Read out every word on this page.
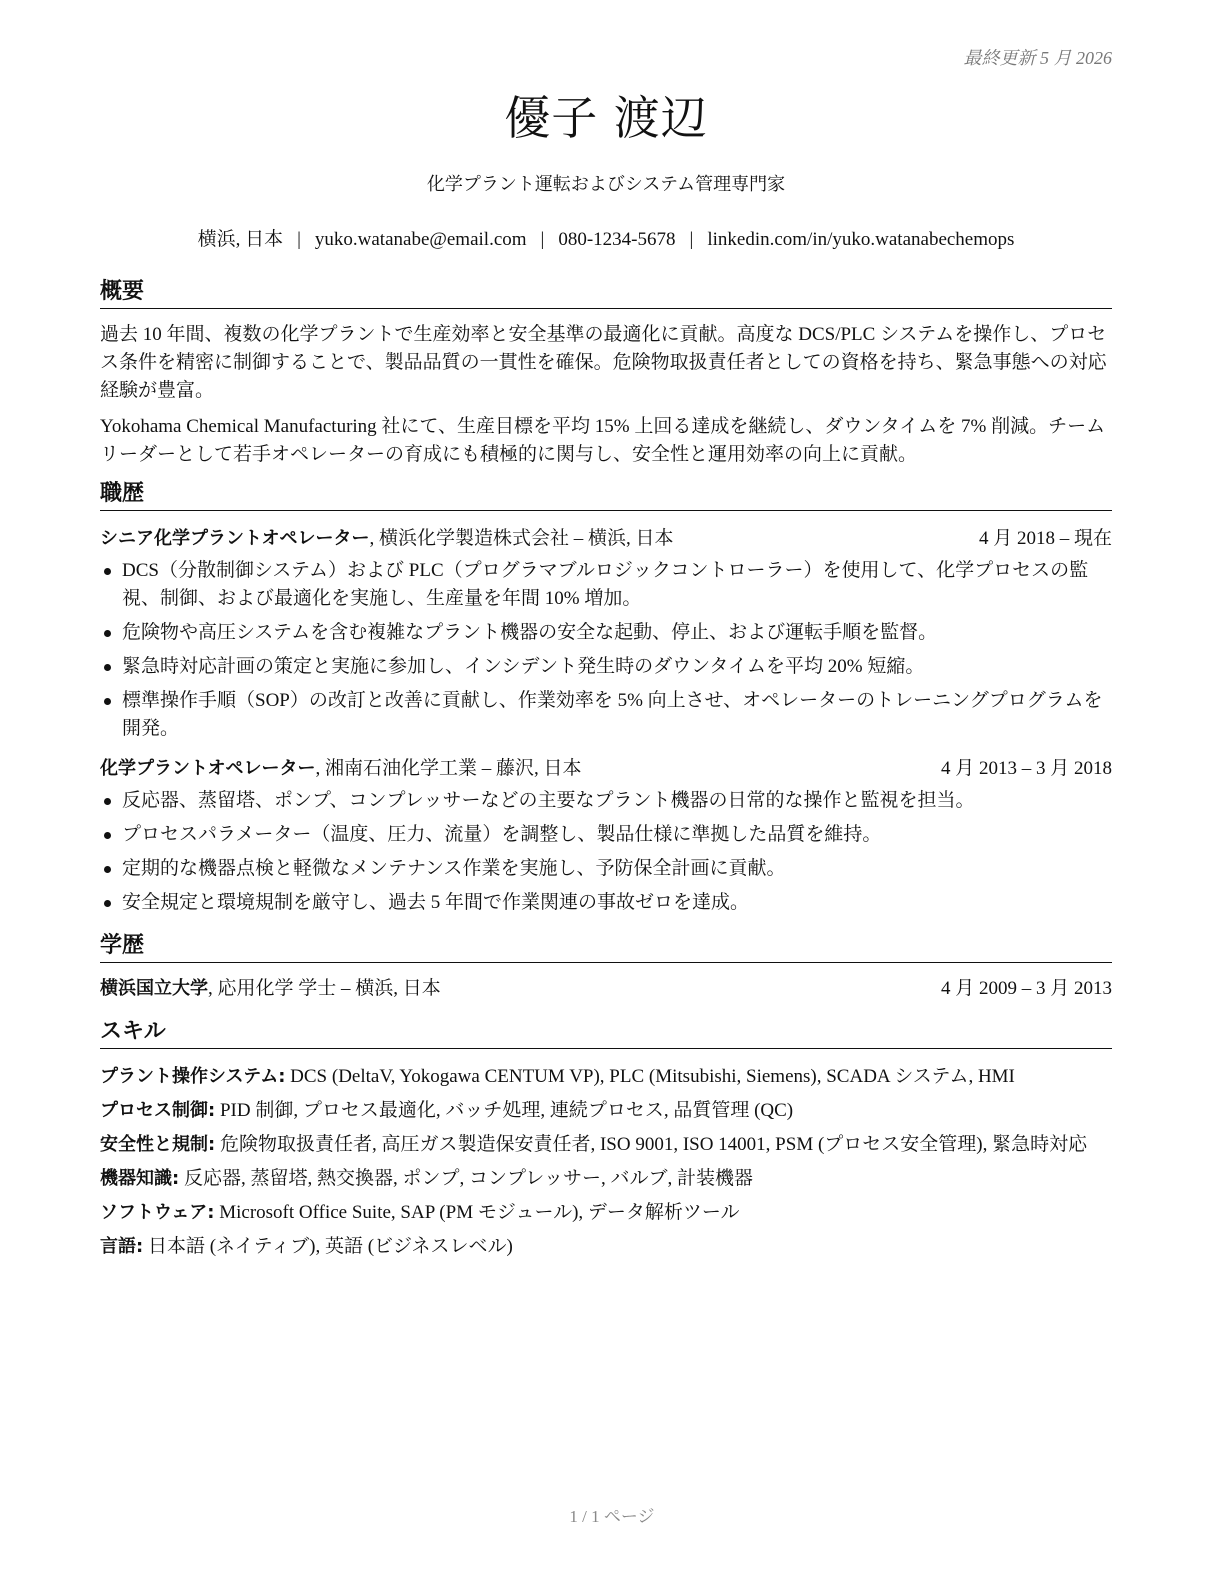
最終更新 5 月 2026
優子 渡辺
化学プラント運転およびシステム管理専門家
横浜, 日本 | yuko.watanabe@email.com | 080-1234-5678 | linkedin.com/in/yuko.watanabechemops
概要

過去 10 年間、複数の化学プラントで生産効率と安全基準の最適化に貢献。高度な DCS/PLC システムを操作し、プロセス条件を精密に制御することで、製品品質の一貫性を確保。危険物取扱責任者としての資格を持ち、緊急事態への対応経験が豊富。

Yokohama Chemical Manufacturing 社にて、生産目標を平均 15% 上回る達成を継続し、ダウンタイムを 7% 削減。チームリーダーとして若手オペレーターの育成にも積極的に関与し、安全性と運用効率の向上に貢献。

職歴
シニア化学プラントオペレーター, 横浜化学製造株式会社 – 横浜, 日本	4 月 2018 – 現在
DCS（分散制御システム）および PLC（プログラマブルロジックコントローラー）を使用して、化学プロセスの監視、制御、および最適化を実施し、生産量を年間 10% 増加。
危険物や高圧システムを含む複雑なプラント機器の安全な起動、停止、および運転手順を監督。
緊急時対応計画の策定と実施に参加し、インシデント発生時のダウンタイムを平均 20% 短縮。
標準操作手順（SOP）の改訂と改善に貢献し、作業効率を 5% 向上させ、オペレーターのトレーニングプログラムを開発。
化学プラントオペレーター, 湘南石油化学工業 – 藤沢, 日本	4 月 2013 – 3 月 2018
反応器、蒸留塔、ポンプ、コンプレッサーなどの主要なプラント機器の日常的な操作と監視を担当。
プロセスパラメーター（温度、圧力、流量）を調整し、製品仕様に準拠した品質を維持。
定期的な機器点検と軽微なメンテナンス作業を実施し、予防保全計画に貢献。
安全規定と環境規制を厳守し、過去 5 年間で作業関連の事故ゼロを達成。
学歴
横浜国立大学, 応用化学 学士 – 横浜, 日本	4 月 2009 – 3 月 2013
スキル
プラント操作システム: DCS (DeltaV, Yokogawa CENTUM VP), PLC (Mitsubishi, Siemens), SCADA システム, HMI
プロセス制御: PID 制御, プロセス最適化, バッチ処理, 連続プロセス, 品質管理 (QC)
安全性と規制: 危険物取扱責任者, 高圧ガス製造保安責任者, ISO 9001, ISO 14001, PSM (プロセス安全管理), 緊急時対応
機器知識: 反応器, 蒸留塔, 熱交換器, ポンプ, コンプレッサー, バルブ, 計装機器
ソフトウェア: Microsoft Office Suite, SAP (PM モジュール), データ解析ツール
言語: 日本語 (ネイティブ), 英語 (ビジネスレベル)
1 / 1 ページ
